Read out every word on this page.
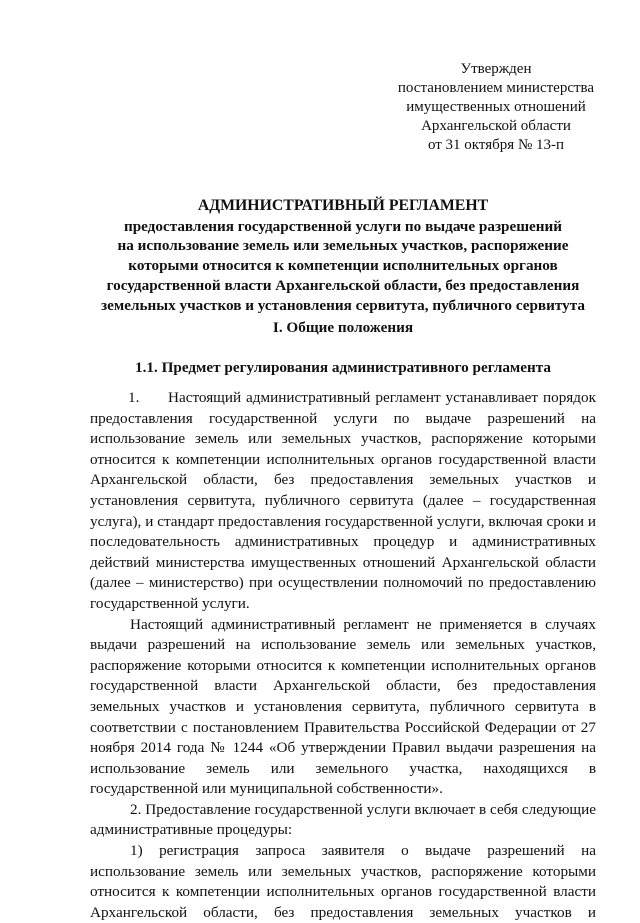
Утвержден
постановлением министерства
имущественных отношений
Архангельской области
от 31 октября № 13-п
АДМИНИСТРАТИВНЫЙ РЕГЛАМЕНТ
предоставления государственной услуги по выдаче разрешений
на использование земель или земельных участков, распоряжение
которыми относится к компетенции исполнительных органов
государственной власти Архангельской области, без предоставления
земельных участков и установления сервитута, публичного сервитута
I. Общие положения
1.1. Предмет регулирования административного регламента

1. Настоящий административный регламент устанавливает порядок предоставления государственной услуги по выдаче разрешений на использование земель или земельных участков, распоряжение которыми относится к компетенции исполнительных органов государственной власти Архангельской области, без предоставления земельных участков и установления сервитута, публичного сервитута (далее – государственная услуга), и стандарт предоставления государственной услуги, включая сроки и последовательность административных процедур и административных действий министерства имущественных отношений Архангельской области (далее – министерство) при осуществлении полномочий по предоставлению государственной услуги.

Настоящий административный регламент не применяется в случаях выдачи разрешений на использование земель или земельных участков, распоряжение которыми относится к компетенции исполнительных органов государственной власти Архангельской области, без предоставления земельных участков и установления сервитута, публичного сервитута в соответствии с постановлением Правительства Российской Федерации от 27 ноября 2014 года № 1244 «Об утверждении Правил выдачи разрешения на использование земель или земельного участка, находящихся в государственной или муниципальной собственности».

2. Предоставление государственной услуги включает в себя следующие административные процедуры:

1) регистрация запроса заявителя о выдаче разрешений на использование земель или земельных участков, распоряжение которыми относится к компетенции исполнительных органов государственной власти Архангельской области, без предоставления земельных участков и
